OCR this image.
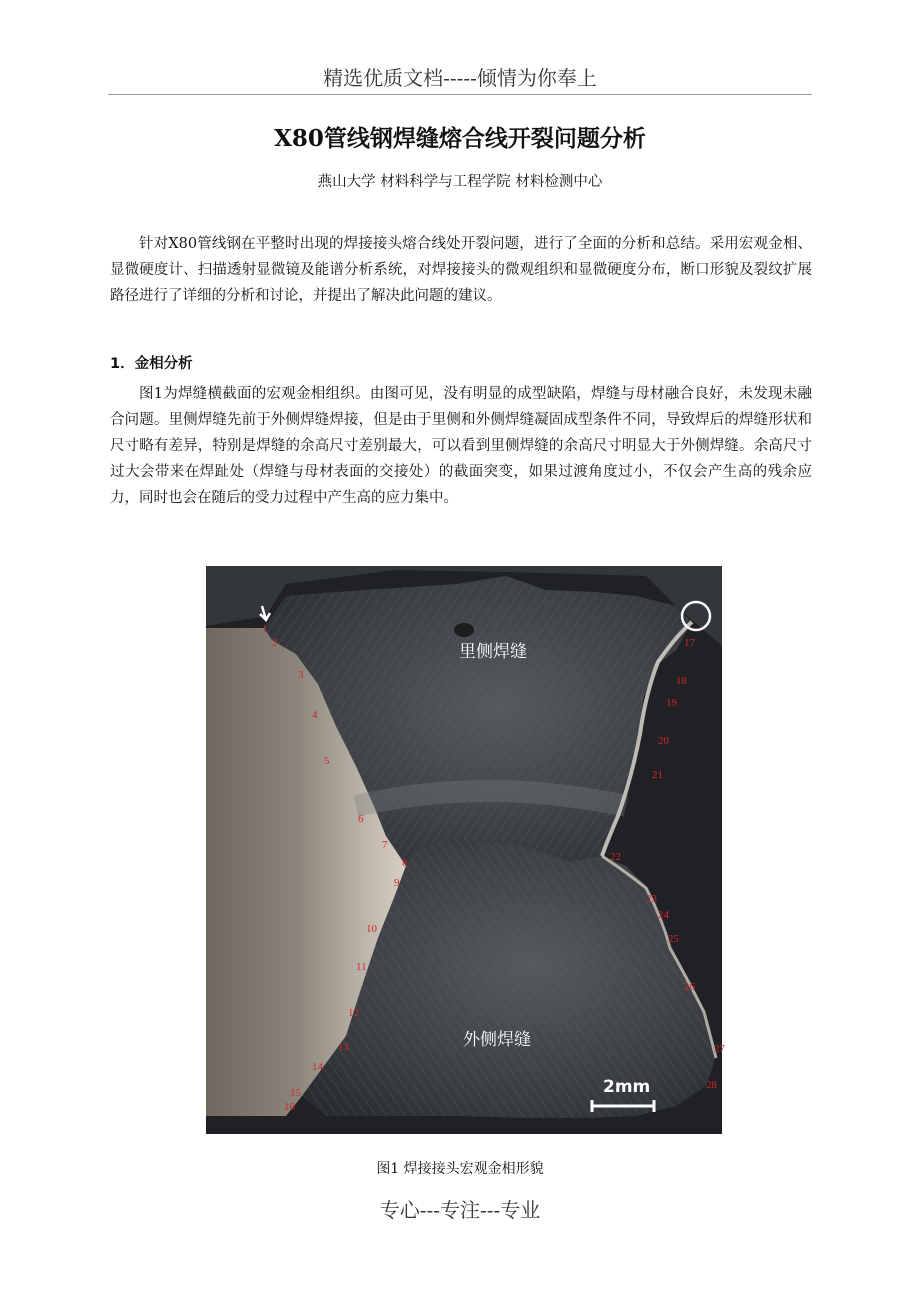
精选优质文档-----倾情为你奉上
X80管线钢焊缝熔合线开裂问题分析
燕山大学 材料科学与工程学院 材料检测中心
针对X80管线钢在平整时出现的焊接接头熔合线处开裂问题，进行了全面的分析和总结。采用宏观金相、显微硬度计、扫描透射显微镜及能谱分析系统，对焊接接头的微观组织和显微硬度分布，断口形貌及裂纹扩展路径进行了详细的分析和讨论，并提出了解决此问题的建议。
1．金相分析
图1为焊缝横截面的宏观金相组织。由图可见，没有明显的成型缺陷，焊缝与母材融合良好，未发现未融合问题。里侧焊缝先前于外侧焊缝焊接，但是由于里侧和外侧焊缝凝固成型条件不同，导致焊后的焊缝形状和尺寸略有差异，特别是焊缝的余高尺寸差别最大，可以看到里侧焊缝的余高尺寸明显大于外侧焊缝。余高尺寸过大会带来在焊趾处（焊缝与母材表面的交接处）的截面突变，如果过渡角度过小，不仅会产生高的残余应力，同时也会在随后的受力过程中产生高的应力集中。
里侧焊缝
外侧焊缝
2mm
1
2
3
4
5
6
7
8
9
10
11
12
13
14
15
16
17
18
19
20
21
22
23
24
25
26
27
28
图1 焊接接头宏观金相形貌
专心---专注---专业
